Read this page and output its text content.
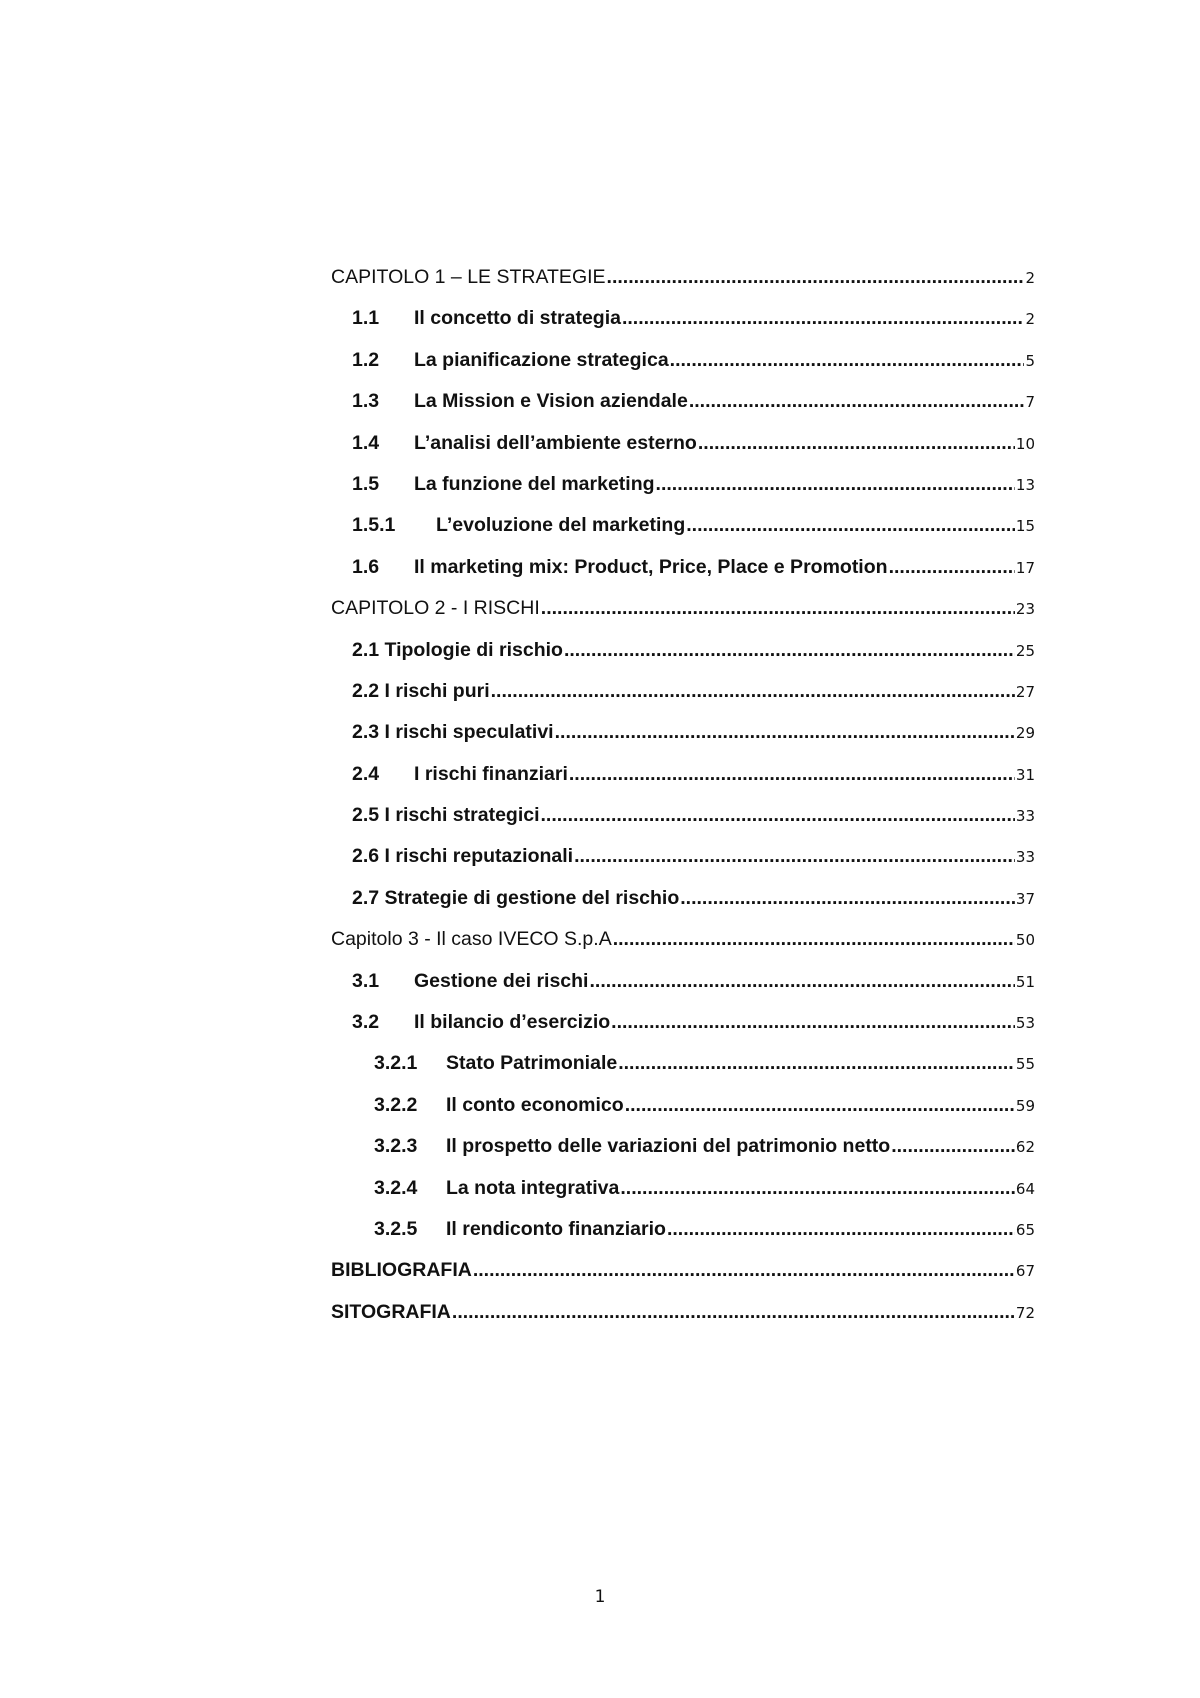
CAPITOLO 1 – LE STRATEGIE .....	2
1.1	Il concetto di strategia .....	2
1.2	La pianificazione strategica .....	5
1.3	La Mission e Vision aziendale .....	7
1.4	L’analisi dell’ambiente esterno .....	10
1.5	La funzione del marketing .....	13
1.5.1	L’evoluzione del marketing .....	15
1.6	Il marketing mix: Product, Price, Place e Promotion .....	17
CAPITOLO 2 - I RISCHI .....	23
2.1 Tipologie di rischio .....	25
2.2 I rischi puri .....	27
2.3 I rischi speculativi .....	29
2.4	I rischi finanziari .....	31
2.5 I rischi strategici .....	33
2.6 I rischi reputazionali .....	33
2.7 Strategie di gestione del rischio .....	37
Capitolo 3 - Il caso IVECO S.p.A .....	50
3.1	Gestione dei rischi .....	51
3.2	Il bilancio d’esercizio .....	53
3.2.1	Stato Patrimoniale .....	55
3.2.2	Il conto economico .....	59
3.2.3	Il prospetto delle variazioni del patrimonio netto .....	62
3.2.4	La nota integrativa .....	64
3.2.5	Il rendiconto finanziario .....	65
BIBLIOGRAFIA .....	67
SITOGRAFIA .....	72
1
